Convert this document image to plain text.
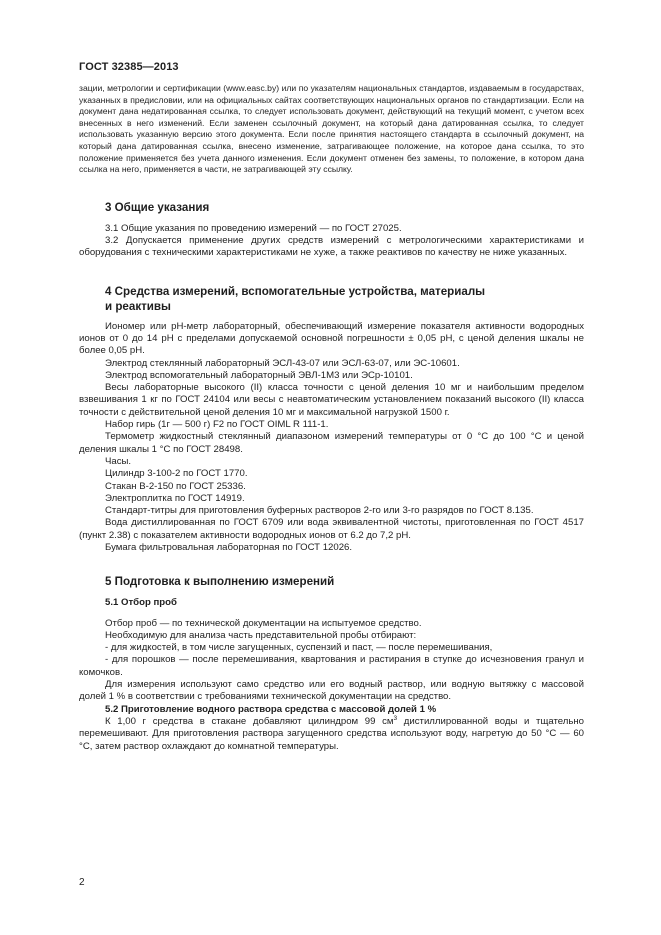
ГОСТ 32385—2013

зации, метрологии и сертификации (www.easc.by) или по указателям национальных стандартов, издаваемым в государствах, указанных в предисловии, или на официальных сайтах соответствующих национальных органов по стандартизации. Если на документ дана недатированная ссылка, то следует использовать документ, действующий на текущий момент, с учетом всех внесенных в него изменений. Если заменен ссылочный документ, на который дана датированная ссылка, то следует использовать указанную версию этого документа. Если после принятия настоящего стандарта в ссылочный документ, на который дана датированная ссылка, внесено изменение, затрагивающее положение, на которое дана ссылка, то это положение применяется без учета данного изменения. Если документ отменен без замены, то положение, в котором дана ссылка на него, применяется в части, не затрагивающей эту ссылку.

3 Общие указания

3.1 Общие указания по проведению измерений — по ГОСТ 27025.

3.2 Допускается применение других средств измерений с метрологическими характеристиками и оборудования с техническими характеристиками не хуже, а также реактивов по качеству не ниже указанных.

4 Средства измерений, вспомогательные устройства, материалы
и реактивы

Иономер или рН-метр лабораторный, обеспечивающий измерение показателя активности водородных ионов от 0 до 14 рН с пределами допускаемой основной погрешности ± 0,05 рН, с ценой деления шкалы не более 0,05 рН.

Электрод стеклянный лабораторный ЭСЛ-43-07 или ЭСЛ-63-07, или ЭС-10601.

Электрод вспомогательный лабораторный ЭВЛ-1М3 или ЭСр-10101.

Весы лабораторные высокого (II) класса точности с ценой деления 10 мг и наибольшим пределом взвешивания 1 кг по ГОСТ 24104 или весы с неавтоматическим установлением показаний высокого (II) класса точности с действительной ценой деления 10 мг и максимальной нагрузкой 1500 г.

Набор гирь (1г — 500 г) F2 по ГОСТ OIML R 111-1.

Термометр жидкостный стеклянный диапазоном измерений температуры от 0 °С до 100 °С и ценой деления шкалы 1 °С по ГОСТ 28498.

Часы.

Цилиндр 3-100-2 по ГОСТ 1770.

Стакан В-2-150 по ГОСТ 25336.

Электроплитка по ГОСТ 14919.

Стандарт-титры для приготовления буферных растворов 2-го или 3-го разрядов по ГОСТ 8.135.

Вода дистиллированная по ГОСТ 6709 или вода эквивалентной чистоты, приготовленная по ГОСТ 4517 (пункт 2.38) с показателем активности водородных ионов от 6.2 до 7,2 рН.

Бумага фильтровальная лабораторная по ГОСТ 12026.

5 Подготовка к выполнению измерений
5.1 Отбор проб

Отбор проб — по технической документации на испытуемое средство.

Необходимую для анализа часть представительной пробы отбирают:

- для жидкостей, в том числе загущенных, суспензий и паст, — после перемешивания,

- для порошков — после перемешивания, квартования и растирания в ступке до исчезновения гранул и комочков.

Для измерения используют само средство или его водный раствор, или водную вытяжку с массовой долей 1 % в соответствии с требованиями технической документации на средство.

5.2 Приготовление водного раствора средства с массовой долей 1 %

К 1,00 г средства в стакане добавляют цилиндром 99 $см^3$ дистиллированной воды и тщательно перемешивают. Для приготовления раствора загущенного средства используют воду, нагретую до 50 °С — 60 °С, затем раствор охлаждают до комнатной температуры.

2
